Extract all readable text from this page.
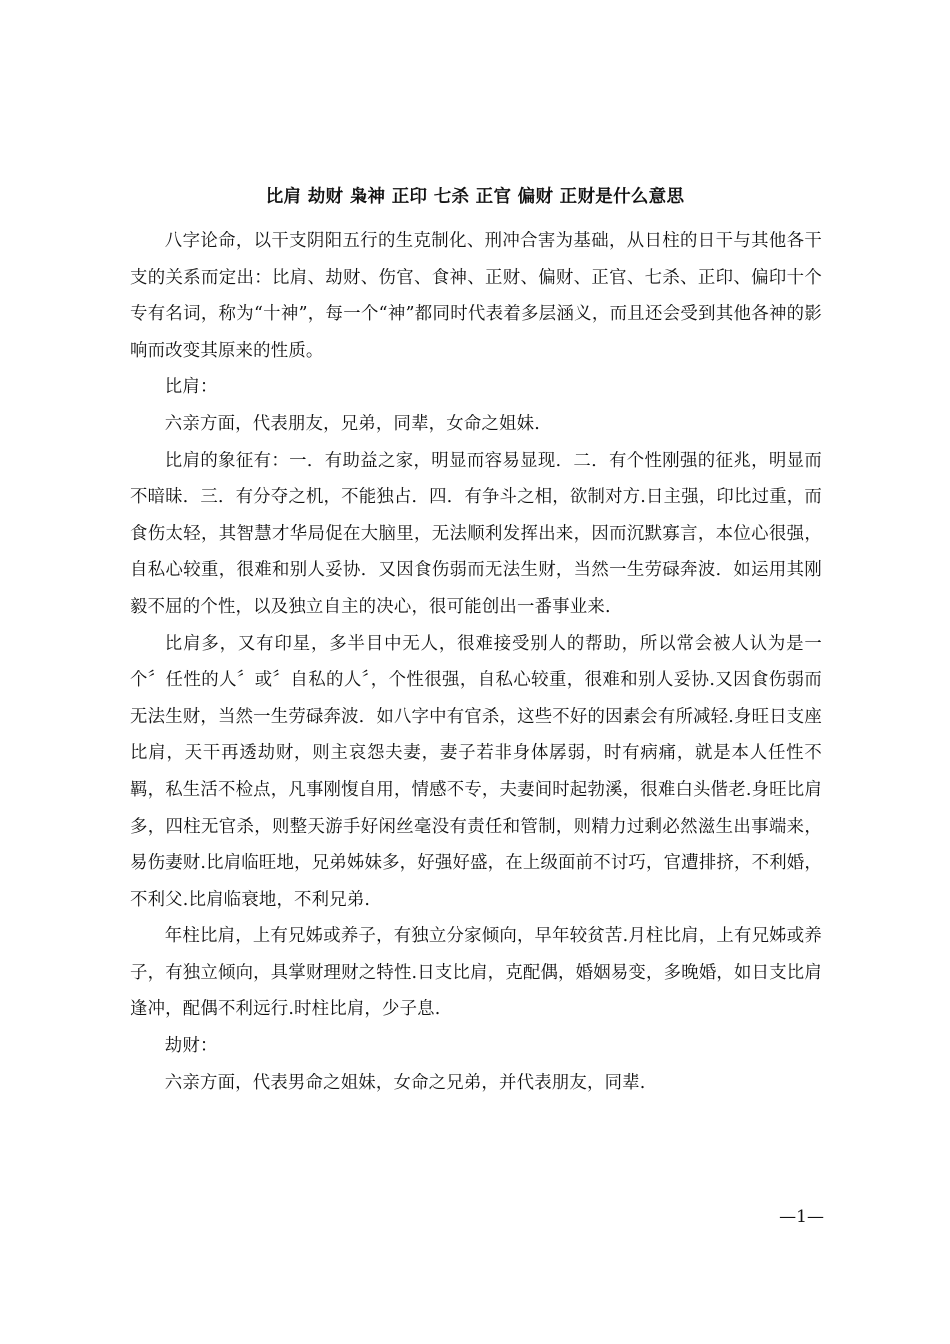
比肩 劫财 枭神 正印 七杀 正官 偏财 正财是什么意思

八字论命，以干支阴阳五行的生克制化、刑冲合害为基础，从日柱的日干与其他各干支的关系而定出：比肩、劫财、伤官、食神、正财、偏财、正官、七杀、正印、偏印十个专有名词，称为“十神”，每一个“神”都同时代表着多层涵义，而且还会受到其他各神的影响而改变其原来的性质。

比肩：

六亲方面，代表朋友，兄弟，同辈，女命之姐妹.

比肩的象征有：一．有助益之家，明显而容易显现．二．有个性刚强的征兆，明显而不暗昧．三．有分夺之机，不能独占．四．有争斗之相，欲制对方.日主强，印比过重，而食伤太轻，其智慧才华局促在大脑里，无法顺利发挥出来，因而沉默寡言，本位心很强，自私心较重，很难和别人妥协．又因食伤弱而无法生财，当然一生劳碌奔波．如运用其刚毅不屈的个性，以及独立自主的决心，很可能创出一番事业来.

比肩多，又有印星，多半目中无人，很难接受别人的帮助，所以常会被人认为是一个〞任性的人〞或〞自私的人〞，个性很强，自私心较重，很难和别人妥协.又因食伤弱而无法生财，当然一生劳碌奔波．如八字中有官杀，这些不好的因素会有所减轻.身旺日支座比肩，天干再透劫财，则主哀怨夫妻，妻子若非身体孱弱，时有病痛，就是本人任性不羁，私生活不检点，凡事刚愎自用，情感不专，夫妻间时起勃溪，很难白头偕老.身旺比肩多，四柱无官杀，则整天游手好闲丝毫没有责任和管制，则精力过剩必然滋生出事端来，易伤妻财.比肩临旺地，兄弟姊妹多，好强好盛，在上级面前不讨巧，官遭排挤，不利婚，不利父.比肩临衰地，不利兄弟.

年柱比肩，上有兄姊或养子，有独立分家倾向，早年较贫苦.月柱比肩，上有兄姊或养子，有独立倾向，具掌财理财之特性.日支比肩，克配偶，婚姻易变，多晚婚，如日支比肩逢冲，配偶不利远行.时柱比肩，少子息.

劫财：

六亲方面，代表男命之姐妹，女命之兄弟，并代表朋友，同辈.

—1—
